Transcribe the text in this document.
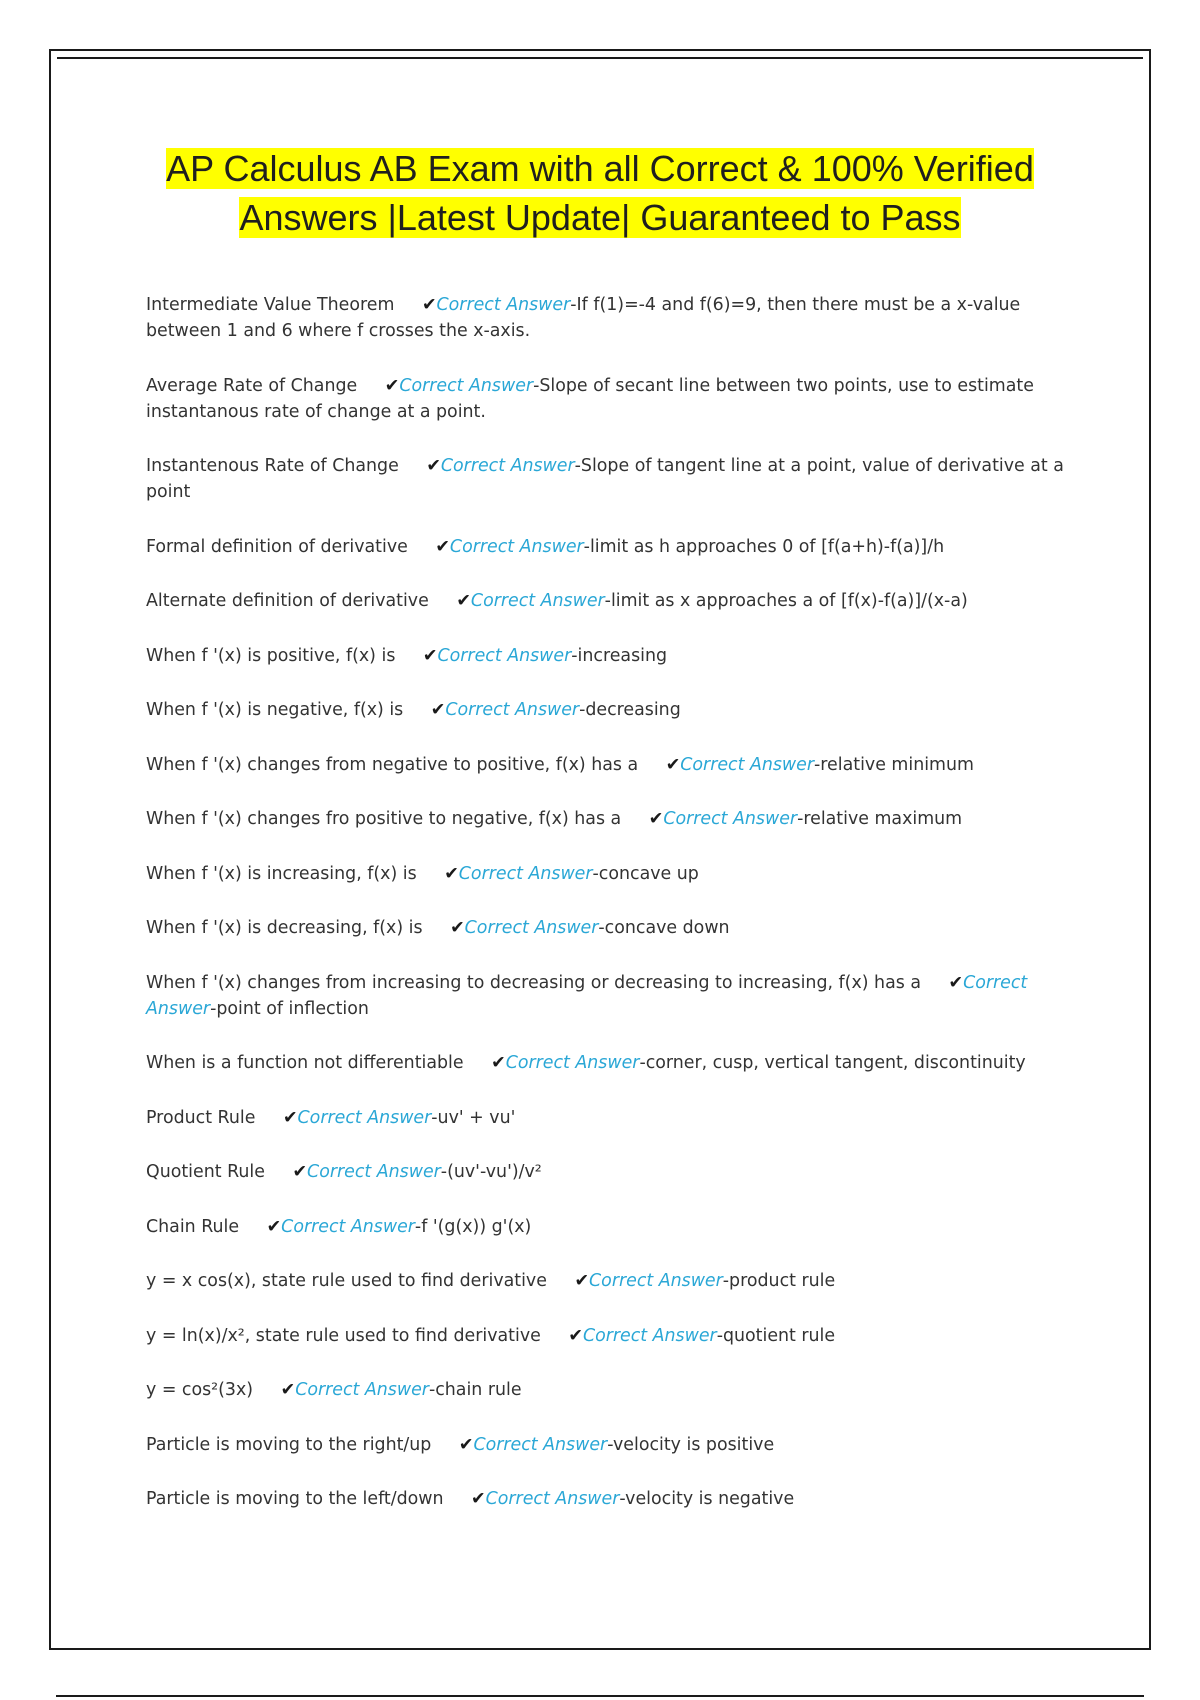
AP Calculus AB Exam with all Correct & 100% Verified
Answers |Latest Update| Guaranteed to Pass

Intermediate Value Theorem ✔Correct Answer-If f(1)=-4 and f(6)=9, then there must be a x-value between 1 and 6 where f crosses the x-axis.

Average Rate of Change ✔Correct Answer-Slope of secant line between two points, use to estimate instantanous rate of change at a point.

Instantenous Rate of Change ✔Correct Answer-Slope of tangent line at a point, value of derivative at a point

Formal definition of derivative ✔Correct Answer-limit as h approaches 0 of [f(a+h)-f(a)]/h

Alternate definition of derivative ✔Correct Answer-limit as x approaches a of [f(x)-f(a)]/(x-a)

When f '(x) is positive, f(x) is ✔Correct Answer-increasing

When f '(x) is negative, f(x) is ✔Correct Answer-decreasing

When f '(x) changes from negative to positive, f(x) has a ✔Correct Answer-relative minimum

When f '(x) changes fro positive to negative, f(x) has a ✔Correct Answer-relative maximum

When f '(x) is increasing, f(x) is ✔Correct Answer-concave up

When f '(x) is decreasing, f(x) is ✔Correct Answer-concave down

When f '(x) changes from increasing to decreasing or decreasing to increasing, f(x) has a ✔Correct Answer-point of inflection

When is a function not differentiable ✔Correct Answer-corner, cusp, vertical tangent, discontinuity

Product Rule ✔Correct Answer-uv' + vu'

Quotient Rule ✔Correct Answer-(uv'-vu')/v²

Chain Rule ✔Correct Answer-f '(g(x)) g'(x)

y = x cos(x), state rule used to find derivative ✔Correct Answer-product rule

y = ln(x)/x², state rule used to find derivative ✔Correct Answer-quotient rule

y = cos²(3x) ✔Correct Answer-chain rule

Particle is moving to the right/up ✔Correct Answer-velocity is positive

Particle is moving to the left/down ✔Correct Answer-velocity is negative
